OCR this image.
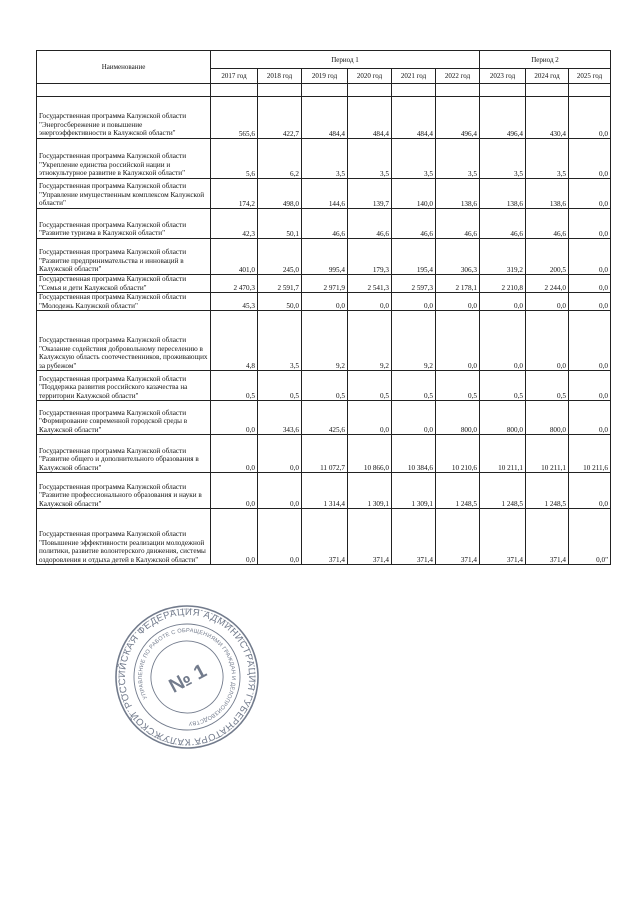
Наименование	Период 1						Период 2		
	2017 год	2018 год	2019 год	2020 год	2021 год	2022 год	2023 год	2024 год	2025 год

Государственная программа Калужской области "Энергосбережение и повышение энергоэффективности в Калужской области"	565,6	422,7	484,4	484,4	484,4	496,4	496,4	430,4	0,0
Государственная программа Калужской области "Укрепление единства российской нации и этнокультурное развитие в Калужской области"	5,6	6,2	3,5	3,5	3,5	3,5	3,5	3,5	0,0
Государственная программа Калужской области "Управление имущественным комплексом Калужской области"	174,2	498,0	144,6	139,7	140,0	138,6	138,6	138,6	0,0
Государственная программа Калужской области "Развитие туризма в Калужской области"	42,3	50,1	46,6	46,6	46,6	46,6	46,6	46,6	0,0
Государственная программа Калужской области "Развитие предпринимательства и инноваций в Калужской области"	401,0	245,0	995,4	179,3	195,4	306,3	319,2	200,5	0,0
Государственная программа Калужской области "Семья и дети Калужской области"	2 470,3	2 591,7	2 971,9	2 541,3	2 597,3	2 178,1	2 210,8	2 244,0	0,0
Государственная программа Калужской области "Молодежь Калужской области"	45,3	50,0	0,0	0,0	0,0	0,0	0,0	0,0	0,0
Государственная программа Калужской области "Оказание содействия добровольному переселению в Калужскую область соотечественников, проживающих за рубежом"	4,8	3,5	9,2	9,2	9,2	0,0	0,0	0,0	0,0
Государственная программа Калужской области "Поддержка развития российского казачества на территории Калужской области"	0,5	0,5	0,5	0,5	0,5	0,5	0,5	0,5	0,0
Государственная программа Калужской области "Формирование современной городской среды в Калужской области"	0,0	343,6	425,6	0,0	0,0	800,0	800,0	800,0	0,0
Государственная программа Калужской области "Развитие общего и дополнительного образования в Калужской области"	0,0	0,0	11 072,7	10 866,0	10 384,6	10 210,6	10 211,1	10 211,1	10 211,6
Государственная программа Калужской области "Развитие профессионального образования и науки в Калужской области"	0,0	0,0	1 314,4	1 309,1	1 309,1	1 248,5	1 248,5	1 248,5	0,0
Государственная программа Калужской области "Повышение эффективности реализации молодежной политики, развитие волонтерского движения, системы оздоровления и отдыха детей в Калужской области"	0,0	0,0	371,4	371,4	371,4	371,4	371,4	371,4	0,0"
РОССИЙСКАЯ ФЕДЕРАЦИЯ АДМИНИСТРАЦИЯ ГУБЕРНАТОРА КАЛУЖСКОЙ
УПРАВЛЕНИЕ ПО РАБОТЕ С ОБРАЩЕНИЯМИ ГРАЖДАН И ДЕЛОПРОИЗВОДСТВУ
№ 1
